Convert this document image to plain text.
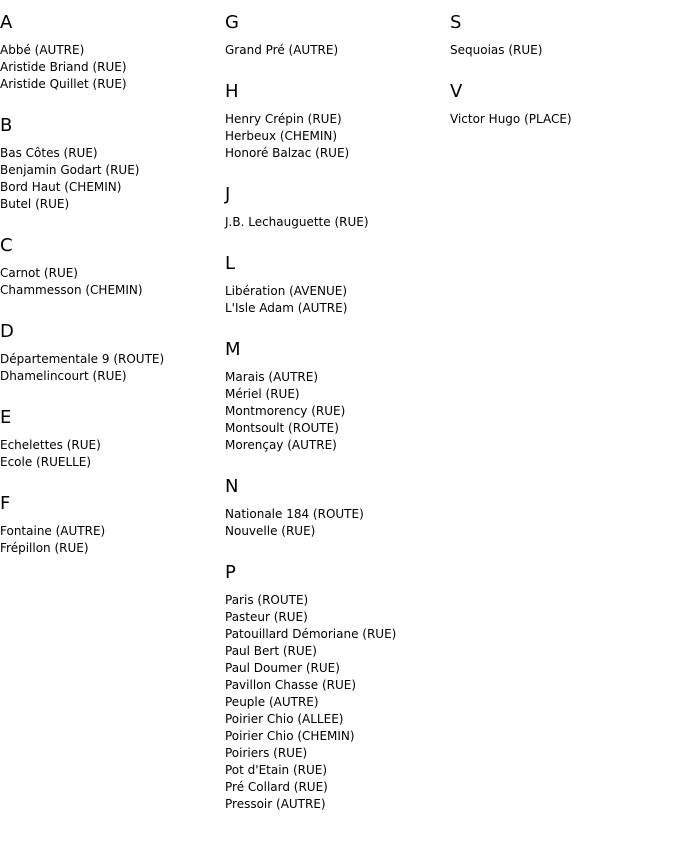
A
Abbé (AUTRE)
Aristide Briand (RUE)
Aristide Quillet (RUE)
B
Bas Côtes (RUE)
Benjamin Godart (RUE)
Bord Haut (CHEMIN)
Butel (RUE)
C
Carnot (RUE)
Chammesson (CHEMIN)
D
Départementale 9 (ROUTE)
Dhamelincourt (RUE)
E
Echelettes (RUE)
Ecole (RUELLE)
F
Fontaine (AUTRE)
Frépillon (RUE)
G
Grand Pré (AUTRE)
H
Henry Crépin (RUE)
Herbeux (CHEMIN)
Honoré Balzac (RUE)
J
J.B. Lechauguette (RUE)
L
Libération (AVENUE)
L'Isle Adam (AUTRE)
M
Marais (AUTRE)
Mériel (RUE)
Montmorency (RUE)
Montsoult (ROUTE)
Morençay (AUTRE)
N
Nationale 184 (ROUTE)
Nouvelle (RUE)
P
Paris (ROUTE)
Pasteur (RUE)
Patouillard Démoriane (RUE)
Paul Bert (RUE)
Paul Doumer (RUE)
Pavillon Chasse (RUE)
Peuple (AUTRE)
Poirier Chio (ALLEE)
Poirier Chio (CHEMIN)
Poiriers (RUE)
Pot d'Etain (RUE)
Pré Collard (RUE)
Pressoir (AUTRE)
S
Sequoias (RUE)
V
Victor Hugo (PLACE)
